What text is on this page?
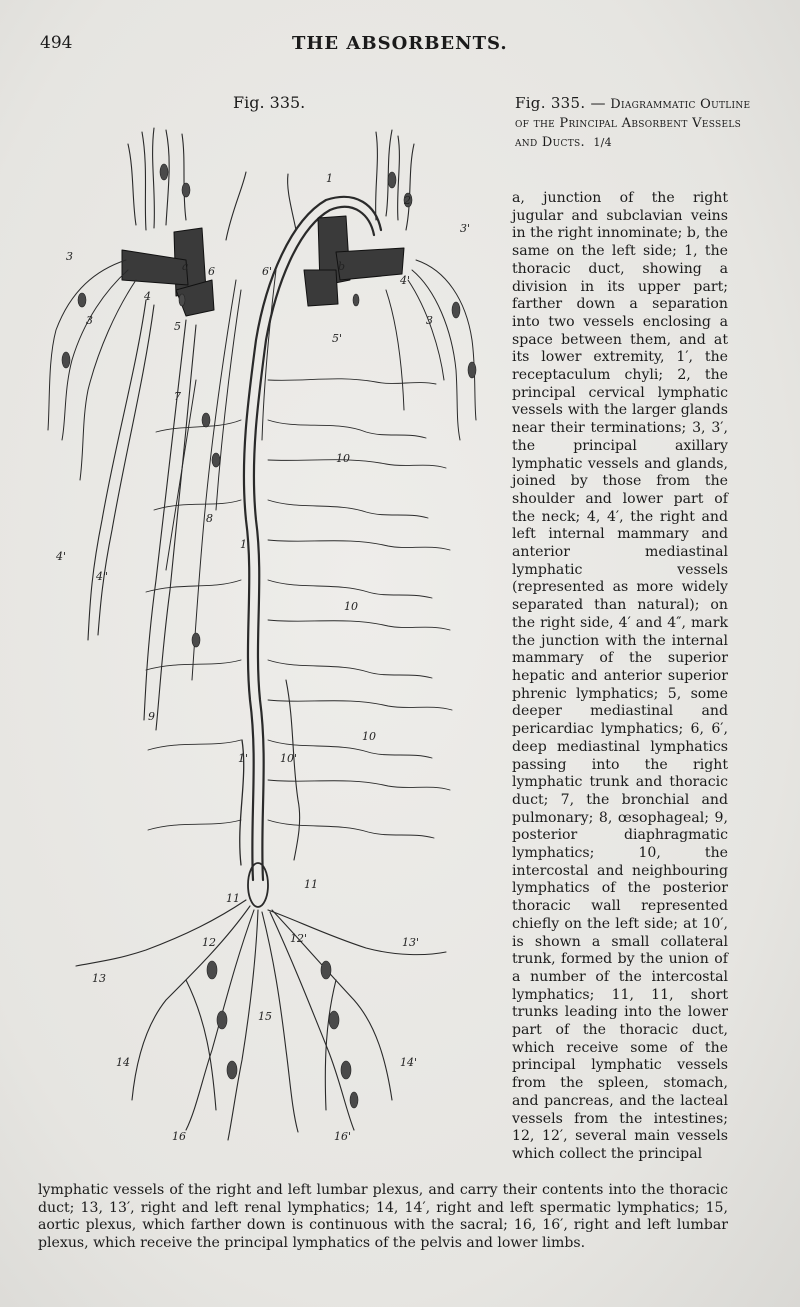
494	THE ABSORBENTS.
Fig. 335.	Fig. 335. — Diagrammatic Outline of the Principal Absorbent Vessels and Ducts. 1/4
a, junction of the right jugular and subclavian veins in the right innominate; b, the same on the left side; 1, the thoracic duct, showing a division in its upper part; farther down a separation into two vessels enclosing a space between them, and at its lower extremity, 1′, the receptaculum chyli; 2, the principal cervical lymphatic vessels with the larger glands near their terminations; 3, 3′, the principal axillary lymphatic vessels and glands, joined by those from the shoulder and lower part of the neck; 4, 4′, the right and left internal mammary and anterior mediastinal lymphatic vessels (represented as more widely separated than natural); on the right side, 4′ and 4″, mark the junction with the internal mammary of the superior hepatic and anterior superior phrenic lymphatics; 5, some deeper mediastinal and pericardiac lymphatics; 6, 6′, deep mediastinal lymphatics passing into the right lymphatic trunk and thoracic duct; 7, the bronchial and pulmonary; 8, œsophageal; 9, posterior diaphragmatic lymphatics; 10, the intercostal and neighbouring lymphatics of the posterior thoracic wall represented chiefly on the left side; at 10′, is shown a small collateral trunk, formed by the union of a number of the intercostal lymphatics; 11, 11, short trunks leading into the lower part of the thoracic duct, which receive some of the principal lymphatic vessels from the spleen, stomach, and pancreas, and the lacteal vessels from the intestines; 12, 12′, several main vessels which collect the principal
1
2
a	b
6	6'
3
3	3
3'
4
4'
5
5'
7
10
8
1
4'
4"
10
9
10
1'	10'
11
11
12	12'
13
13'
15
14	14'
16	16'
lymphatic vessels of the right and left lumbar plexus, and carry their contents into the thoracic duct; 13, 13′, right and left renal lymphatics; 14, 14′, right and left spermatic lymphatics; 15, aortic plexus, which farther down is continuous with the sacral; 16, 16′, right and left lumbar plexus, which receive the principal lymphatics of the pelvis and lower limbs.
